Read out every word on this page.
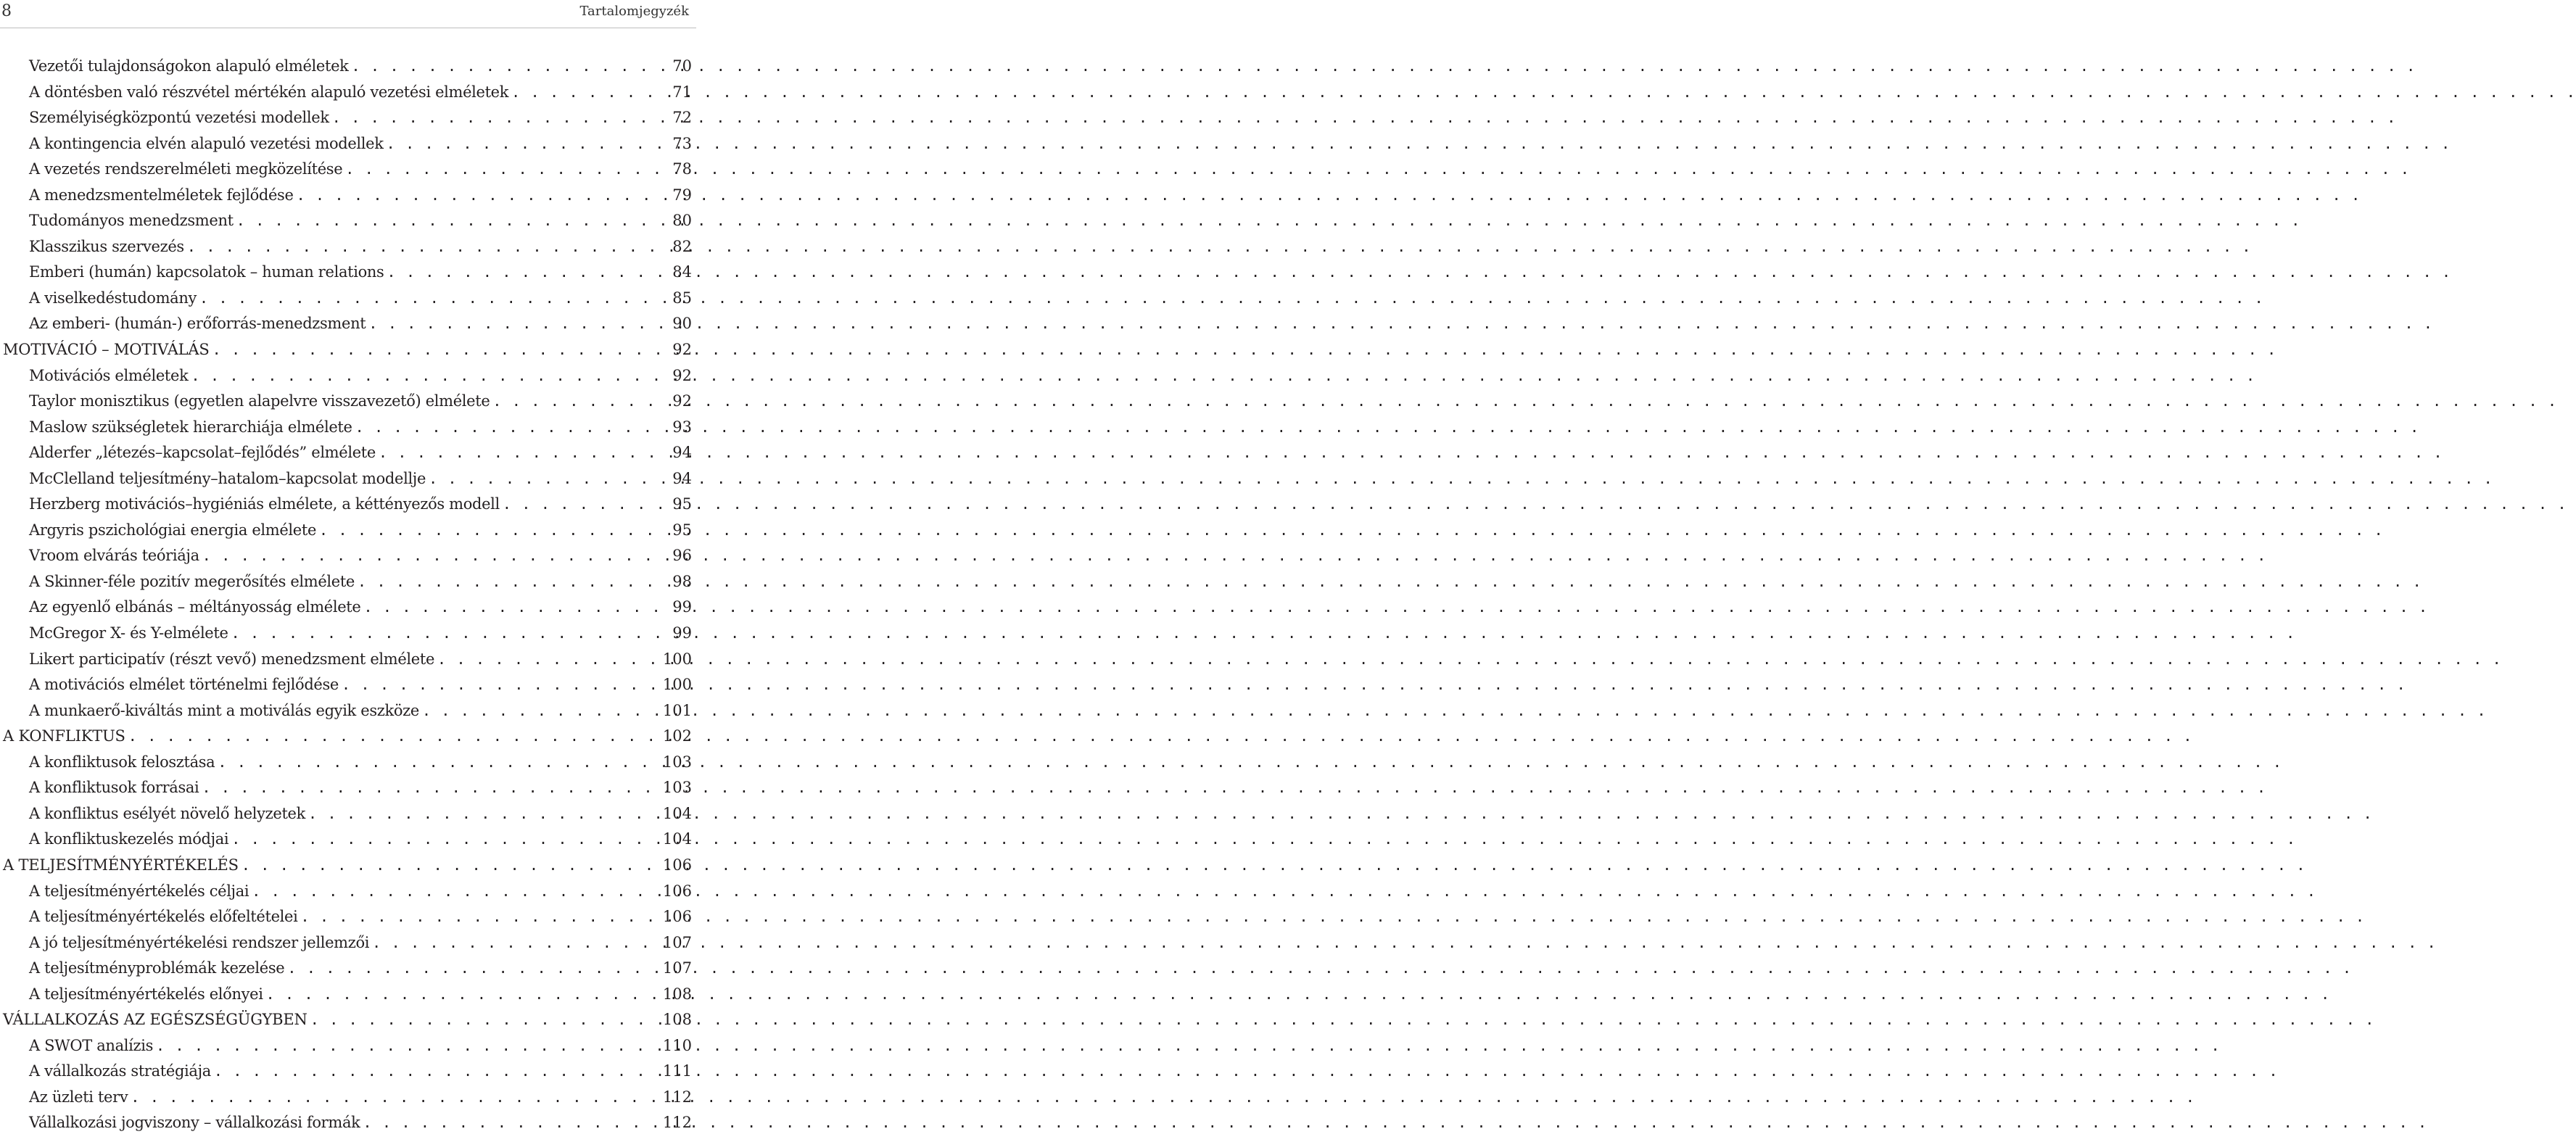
8	Tartalomjegyzék
Vezetői tulajdonságokon alapuló elméletek . . .	70
A döntésben való részvétel mértékén alapuló vezetési elméletek . . .	71
Személyiségközpontú vezetési modellek . . .	72
A kontingencia elvén alapuló vezetési modellek . . .	73
A vezetés rendszerelméleti megközelítése . . .	78
A menedzsmentelméletek fejlődése . . .	79
Tudományos menedzsment . . .	80
Klasszikus szervezés . . .	82
Emberi (humán) kapcsolatok – human relations . . .	84
A viselkedéstudomány . . .	85
Az emberi- (humán-) erőforrás-menedzsment . . .	90
MOTIVÁCIÓ – MOTIVÁLÁS . . .	92
Motivációs elméletek . . .	92
Taylor monisztikus (egyetlen alapelvre visszavezető) elmélete . . .	92
Maslow szükségletek hierarchiája elmélete . . .	93
Alderfer „létezés–kapcsolat–fejlődés” elmélete . . .	94
McClelland teljesítmény–hatalom–kapcsolat modellje . . .	94
Herzberg motivációs–hygiéniás elmélete, a kéttényezős modell . . .	95
Argyris pszichológiai energia elmélete . . .	95
Vroom elvárás teóriája . . .	96
A Skinner-féle pozitív megerősítés elmélete . . .	98
Az egyenlő elbánás – méltányosság elmélete . . .	99
McGregor X- és Y-elmélete . . .	99
Likert participatív (részt vevő) menedzsment elmélete . . .	100
A motivációs elmélet történelmi fejlődése . . .	100
A munkaerő-kiváltás mint a motiválás egyik eszköze . . .	101
A KONFLIKTUS . . .	102
A konfliktusok felosztása . . .	103
A konfliktusok forrásai . . .	103
A konfliktus esélyét növelő helyzetek . . .	104
A konfliktuskezelés módjai . . .	104
A TELJESÍTMÉNYÉRTÉKELÉS . . .	106
A teljesítményértékelés céljai . . .	106
A teljesítményértékelés előfeltételei . . .	106
A jó teljesítményértékelési rendszer jellemzői . . .	107
A teljesítményproblémák kezelése . . .	107
A teljesítményértékelés előnyei . . .	108
VÁLLALKOZÁS AZ EGÉSZSÉGÜGYBEN . . .	108
A SWOT analízis . . .	110
A vállalkozás stratégiája . . .	111
Az üzleti terv . . .	112
Vállalkozási jogviszony – vállalkozási formák . . .	112
